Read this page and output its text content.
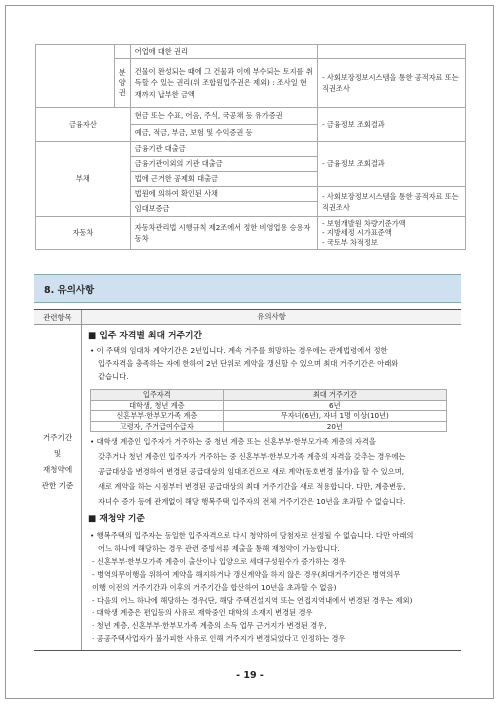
		어업에 대한 권리	
	분양권	건물이 완성되는 때에 그 건물과 이에 부수되는 토지를 취득할 수 있는 권리(위 조합원입주권은 제외) : 조사일 현재까지 납부한 금액	- 사회보장정보시스템을 통한 공적자료 또는 직권조사
금융자산		현금 또는 수표, 어음, 주식, 국공채 등 유가증권	- 금융정보 조회결과
		예금, 적금, 부금, 보험 및 수익증권 등	
부채		금융기관 대출금	- 금융정보 조회결과
		금융기관이외의 기관 대출금	
		법에 근거한 공제회 대출금	
		법원에 의하여 확인된 사채	- 사회보장정보시스템을 통한 공적자료 또는 직권조사
		임대보증금	
자동차		자동차관리법 시행규칙 제2조에서 정한 비영업용 승용자동차	- 보험개발원 차량기준가액
- 지방세정 시가표준액
- 국토부 차적정보
8. 유의사항
관련항목	유의사항
거주기간
및
재청약에
관한 기준
■ 입주 자격별 최대 거주기간
• 이 주택의 임대차 계약기간은 2년입니다. 계속 거주를 희망하는 경우에는 관계법령에서 정한
입주자격을 충족하는 자에 한하여 2년 단위로 계약을 갱신할 수 있으며 최대 거주기간은 아래와
같습니다.
입주자격	최대 거주기간
대학생, 청년 계층	6년
신혼부부·한부모가족 계층	무자녀(6년), 자녀 1명 이상(10년)
고령자, 주거급여수급자	20년
• 대학생 계층인 입주자가 거주하는 중 청년 계층 또는 신혼부부·한부모가족 계층의 자격을
갖추거나 청년 계층인 입주자가 거주하는 중 신혼부부·한부모가족 계층의 자격을 갖추는 경우에는
공급대상을 변경하여 변경된 공급대상의 임대조건으로 새로 계약(동호변경 불가)을 할 수 있으며,
새로 계약을 하는 시점부터 변경된 공급대상의 최대 거주기간을 새로 적용합니다. 다만, 계층변동,
자녀수 증가 등에 관계없이 해당 행복주택 입주자의 전체 거주기간은 10년을 초과할 수 없습니다.
■ 재청약 기준
• 행복주택의 입주자는 동일한 입주자격으로 다시 청약하여 당첨자로 선정될 수 없습니다. 다만 아래의
어느 하나에 해당하는 경우 관련 증빙서류 제출을 통해 재청약이 가능합니다.
- 신혼부부·한부모가족 계층이 출산이나 입양으로 세대구성원수가 증가하는 경우
- 병역의무이행을 위하여 계약을 해지하거나 갱신계약을 하지 않은 경우(최대거주기간은 병역의무
이행 이전의 거주기간과 이후의 거주기간을 합산하여 10년을 초과할 수 없음)
- 다음의 어느 하나에 해당하는 경우(단, 해당 주택건설지역 또는 연접지역내에서 변경된 경우는 제외)
· 대학생 계층은 편입등의 사유로 재학중인 대학의 소재지 변경된 경우
· 청년 계층, 신혼부부·한부모가족 계층의 소득 업무 근거지가 변경된 경우,
· 공공주택사업자가 불가피한 사유로 인해 거주지가 변경되었다고 인정하는 경우
- 19 -
